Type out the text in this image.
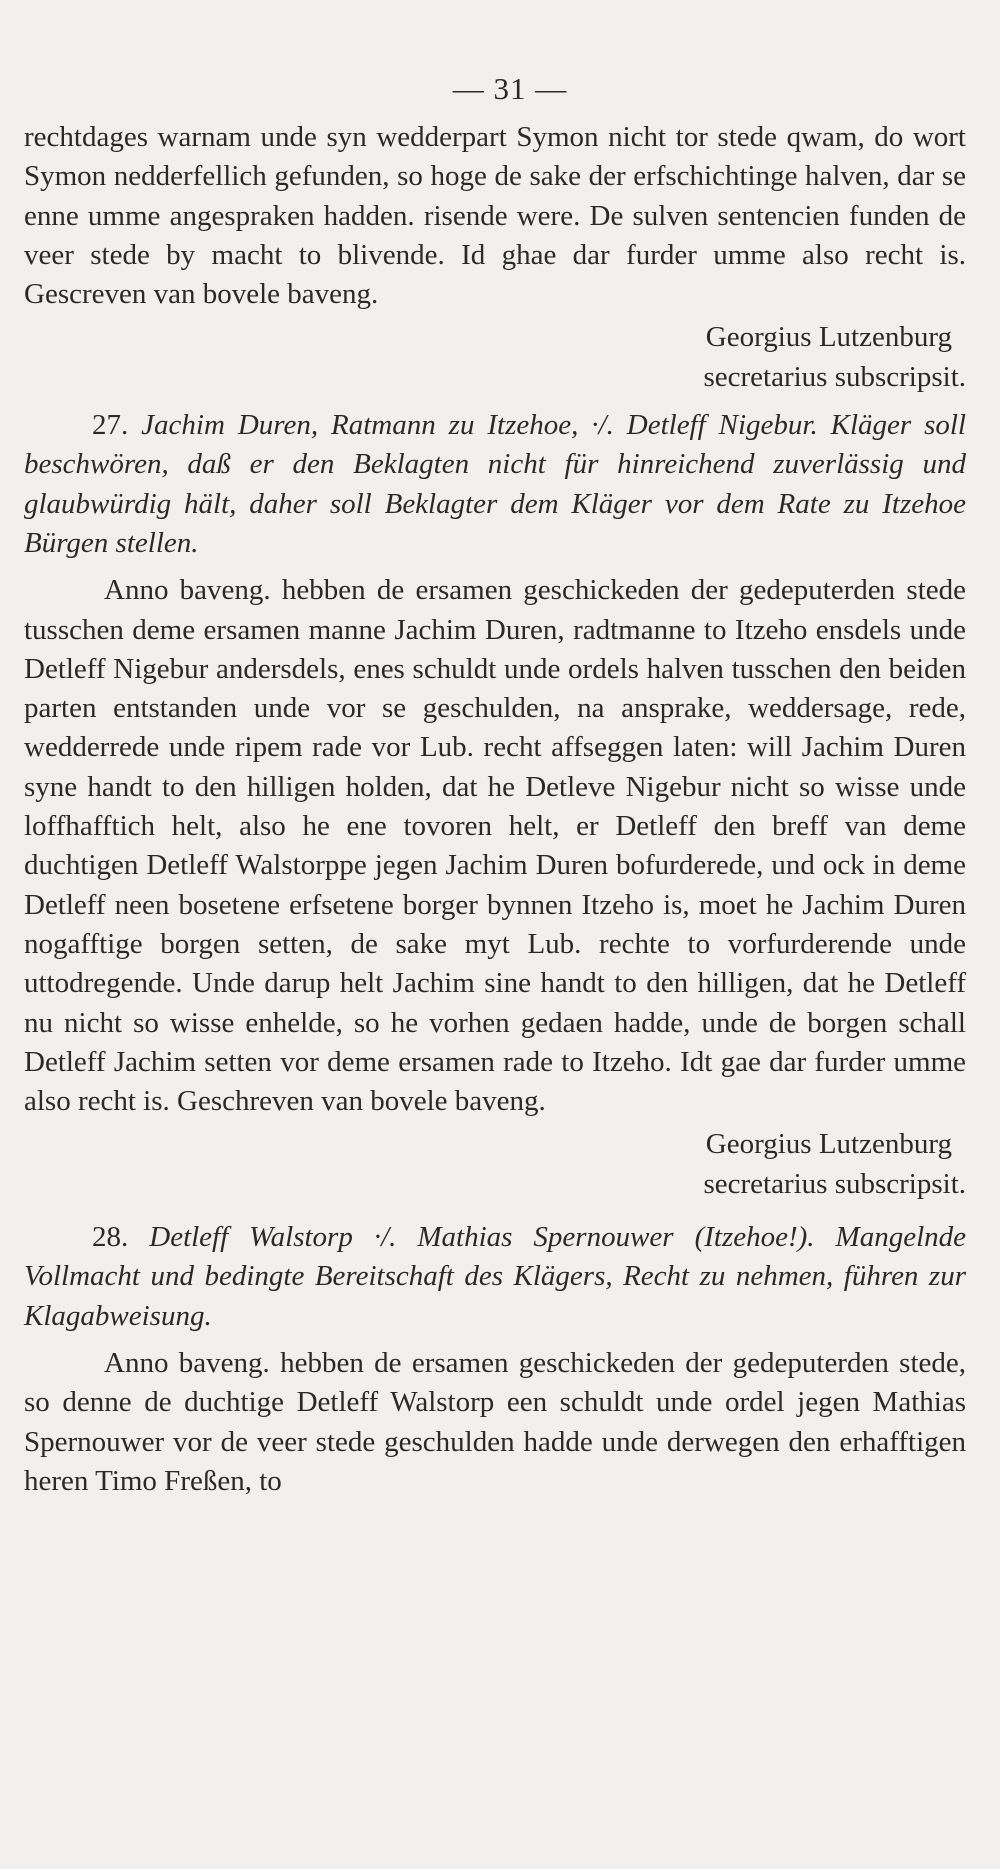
— 31 —

rechtdages warnam unde syn wedderpart Symon nicht tor stede qwam, do wort Symon nedderfellich gefunden, so hoge de sake der erfschichtinge halven, dar se enne umme angespraken hadden. risende were. De sulven sentencien funden de veer stede by macht to blivende. Id ghae dar furder umme also recht is. Gescreven van bovele baveng.

Georgius Lutzenburg
secretarius subscripsit.
27. Jachim Duren, Ratmann zu Itzehoe, ·/. Detleff Nigebur. Kläger soll beschwören, daß er den Beklagten nicht für hinreichend zuverlässig und glaubwürdig hält, daher soll Beklagter dem Kläger vor dem Rate zu Itzehoe Bürgen stellen.

Anno baveng. hebben de ersamen geschickeden der gedeputerden stede tusschen deme ersamen manne Jachim Duren, radtmanne to Itzeho ensdels unde Detleff Nigebur andersdels, enes schuldt unde ordels halven tusschen den beiden parten entstanden unde vor se geschulden, na ansprake, weddersage, rede, wedderrede unde ripem rade vor Lub. recht affseggen laten: will Jachim Duren syne handt to den hilligen holden, dat he Detleve Nigebur nicht so wisse unde loffhafftich helt, also he ene tovoren helt, er Detleff den breff van deme duchtigen Detleff Walstorppe jegen Jachim Duren bofurderede, und ock in deme Detleff neen bosetene erfsetene borger bynnen Itzeho is, moet he Jachim Duren nogafftige borgen setten, de sake myt Lub. rechte to vorfurderende unde uttodregende. Unde darup helt Jachim sine handt to den hilligen, dat he Detleff nu nicht so wisse enhelde, so he vorhen gedaen hadde, unde de borgen schall Detleff Jachim setten vor deme ersamen rade to Itzeho. Idt gae dar furder umme also recht is. Geschreven van bovele baveng.

Georgius Lutzenburg
secretarius subscripsit.
28. Detleff Walstorp ·/. Mathias Spernouwer (Itzehoe!). Mangelnde Vollmacht und bedingte Bereitschaft des Klägers, Recht zu nehmen, führen zur Klagabweisung.

Anno baveng. hebben de ersamen geschickeden der gedeputerden stede, so denne de duchtige Detleff Walstorp een schuldt unde ordel jegen Mathias Spernouwer vor de veer stede geschulden hadde unde derwegen den erhafftigen heren Timo Freßen, to
